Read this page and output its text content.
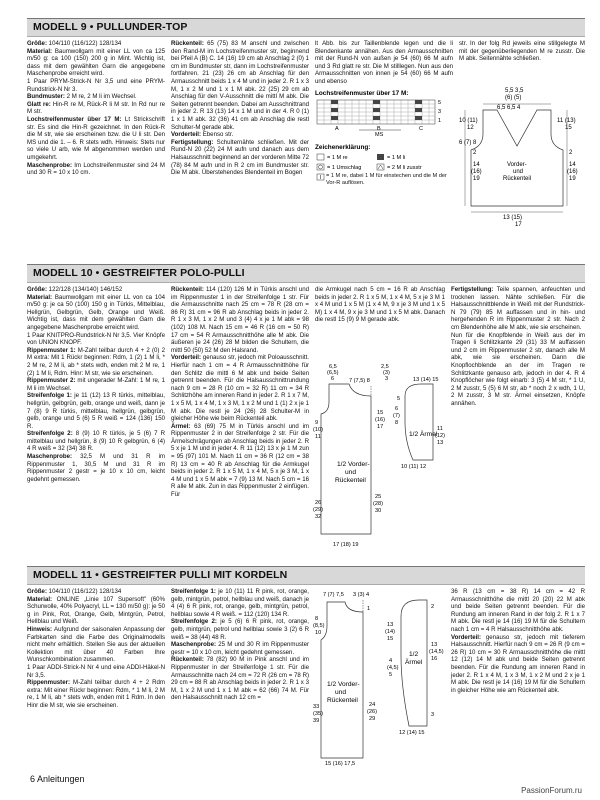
MODELL 9 • PULLUNDER-TOP

Größe: 104/110 (116/122) 128/134

Material: Baumwollgarn mit einer LL von ca 125 m/50 g: ca 100 (150) 200 g in Mint. Wichtig ist, dass mit dem gewählten Garn die angegebene Maschenprobe erreicht wird.

1 Paar PRYM-Strick-N Nr 3,5 und eine PRYM-Rundstrick-N Nr 3.

Bundmuster: 2 M re, 2 M li im Wechsel.

Glatt re: Hin-R re M, Rück-R li M str. In Rd nur re M str.

Lochstreifenmuster über 17 M: Lt Strickschrift str. Es sind die Hin-R gezeichnet. In den Rück-R die M str, wie sie erscheinen bzw. die U li str. Den MS und die 1. – 6. R stets wdh. Hinweis: Stets nur so viele U arb, wie M abgenommen werden und umgekehrt.

Maschenprobe: Im Lochstreifenmuster sind 24 M und 30 R = 10 x 10 cm.

Rückenteil: 65 (75) 83 M anschl und zwischen den Rand-M im Lochstreifenmuster str, beginnend bei Pfeil A (B) C. 14 (16) 19 cm ab Anschlag 2 (0) 1 cm im Bundmuster str, dann im Lochstreifenmuster fortfahren. 21 (23) 26 cm ab Anschlag für den Armausschnitt beids 1 x 4 M und in jeder 2. R 1 x 3 M, 1 x 2 M und 1 x 1 M abk. 22 (25) 29 cm ab Anschlag für den V-Ausschnitt die mittl M abk. Die Seiten getrennt beenden. Dabei am Ausschnittrand in jeder 2. R 13 (13) 14 x 1 M und in der 4. R 0 (1) 1 x 1 M abk. 32 (36) 41 cm ab Anschlag die restl Schulter-M gerade abk.

Vorderteil: Ebenso str.

Fertigstellung: Schulternähte schließen. Mit der Rund-N 20 (22) 24 M aufn und danach aus dem Halsausschnitt beginnend an der vorderen Mitte 72 (78) 84 M aufn und in R 2 cm im Bundmuster str. Die M abk. Überstehendes Blendenteil im Bogen

lt Abb. bis zur Taillenblende legen und die li Blendenkante annähen. Aus den Armausschnitten mit der Rund-N von außen je 54 (60) 66 M aufn und 3 Rd glatt re str. Die M stilllegen. Nun aus den Armausschnitten von innen je 54 (60) 66 M aufn und ebenso

str. In der folg Rd jeweils eine stillgelegte M mit der gegenüberliegenden M re zusstr. Die M abk. Seitennähte schließen.

Lochstreifenmuster über 17 M:
5
3
1
MS
A	B	C
Zeichenerklärung:
= 1 M re	= 1 M li
= 1 Umschlag	= 2 M li zusstr
= 1 M re, dabei 1 M für einstechen und die M der Vor-R auflösen.
5,5 3,5
(6) (5)
6,5 6,5 4
10 (11)
12
11 (13)
15
6 (7) 8
2
14
(16)
19
Vorder-
und
Rückenteil
2
14
(16)
19
13 (15)
17
MODELL 10 • GESTREIFTER POLO-PULLI

Größe: 122/128 (134/140) 146/152

Material: Baumwollgarn mit einer LL von ca 104 m/50 g: je ca 50 (100) 150 g in Türkis, Mittelblau, Hellgrün, Gelbgrün, Gelb, Orange und Weiß. Wichtig ist, dass mit dem gewählten Garn die angegebene Maschenprobe erreicht wird.

1 Paar KNITPRO-Rundstrick-N Nr 3,5. Vier Knöpfe von UNION KNOPF.

Rippenmuster 1: M-Zahl teilbar durch 4 + 2 (0) 2 M extra: Mit 1 Rückr beginnen: Rdm, 1 (2) 1 M li, * 2 M re, 2 M li, ab * stets wdh, enden mit 2 M re, 1 (2) 1 M li, Rdm. Hinr: M str, wie sie erscheinen.

Rippenmuster 2: mit ungerader M-Zahl: 1 M re, 1 M li im Wechsel.

Streifenfolge 1: je 11 (12) 13 R türkis, mittelblau, hellgrün, gelbgrün, gelb, orange und weiß, dann je 7 (8) 9 R türkis, mittelblau, hellgrün, gelbgrün, gelb, orange und 5 (6) 5 R weiß = 124 (136) 150 R.

Streifenfolge 2: 8 (9) 10 R türkis, je 5 (6) 7 R mittelblau und hellgrün, 8 (9) 10 R gelbgrün, 6 (4) 4 R weiß = 32 (34) 38 R.

Maschenprobe: 32,5 M und 31 R im Rippenmuster 1, 30,5 M und 31 R im Rippenmuster 2 gestr = je 10 x 10 cm, leicht gedehnt gemessen.

Rückenteil: 114 (120) 126 M in Türkis anschl und im Rippenmuster 1 in der Streifenfolge 1 str. Für die Armausschnitte nach 25 cm = 78 R (28 cm = 86 R) 31 cm = 96 R ab Anschlag beids in jeder 2. R 1 x 3 M, 1 x 2 M und 3 (4) 4 x je 1 M abk = 98 (102) 108 M. Nach 15 cm = 46 R (16 cm = 50 R) 17 cm = 54 R Armausschnitthöhe alle M abk. Die äußeren je 24 (26) 28 M bilden die Schultern, die mittl 50 (50) 52 M den Halsrand.

Vorderteil: genauso str, jedoch mit Poloausschnitt. Hierfür nach 1 cm = 4 R Armausschnitthöhe für den Schlitz die mittl 6 M abk und beide Seiten getrennt beenden. Für die Halsausschnittrundung nach 9 cm = 28 R (10 cm = 32 R) 11 cm = 34 R Schlitzhöhe am inneren Rand in jeder 2. R 1 x 7 M, 1 x 5 M, 1 x 4 M, 1 x 3 M, 1 x 2 M und 1 (1) 2 x je 1 M abk. Die restl je 24 (26) 28 Schulter-M in gleicher Höhe wie beim Rückenteil abk.

Ärmel: 63 (69) 75 M in Türkis anschl und im Rippenmuster 2 in der Streifenfolge 2 str. Für die Ärmelschrägungen ab Anschlag beids in jeder 2. R 5 x je 1 M und in jeder 4. R 11 (12) 13 x je 1 M zun = 95 (97) 101 M. Nach 11 cm = 36 R (12 cm = 38 R) 13 cm = 40 R ab Anschlag für die Armkugel beids in jeder 2. R 1 x 5 M, 1 x 4 M, 5 x je 3 M, 1 x 4 M und 1 x 5 M abk = 7 (9) 13 M. Nach 5 cm = 16 R alle M abk. Zun in das Rippenmuster 2 einfügen. Für

die Armkugel nach 5 cm = 16 R ab Anschlag beids in jeder 2. R 1 x 5 M, 1 x 4 M, 5 x je 3 M 1 x 4 M und 1 x 5 M (1 x 4 M, 9 x je 3 M und 1 x 5 M) 1 x 4 M, 9 x je 3 M und 1 x 5 M abk. Danach die restl 15 (9) 9 M gerade abk.

Fertigstellung: Teile spannen, anfeuchten und trocknen lassen. Nähte schließen. Für die Halsausschnittblende in Weiß mit der Rundstrick-N 79 (79) 85 M auffassen und in hin- und hergehenden R im Rippenmuster 2 str. Nach 2 cm Blendenhöhe alle M abk, wie sie erscheinen.

Nun für die Knopfblende in Weiß aus der im Tragen li Schlitzkante 29 (31) 33 M auffassen und 2 cm im Rippenmuster 2 str, danach alle M abk, wie sie erscheinen. Dann die Knopflochblende an der im Tragen re Schlitzkante genauso arb, jedoch in der 4. R 4 Knopflöcher wie folgt einarb: 3 (5) 4 M str, * 1 U, 2 M zusstr, 5 (5) 6 M str, ab * noch 2 x wdh, 1 U, 2 M zusstr, 3 M str. Ärmel einsetzen, Knöpfe annähen.

6,5
(6,5)
6	7 (7,5) 8
2,5
(3)
3
15
(16)
17
9
(10)
11
1/2 Vorder-
und
Rückenteil
26
(29)
32
25
(28)
30
17 (18) 19
13 (14) 15
5
6
(7)
8
1/2 Ärmel
11
(12)
13
10 (11) 12
MODELL 11 • GESTREIFTER PULLI MIT KORDELN

Größe: 104/110 (116/122) 128/134

Material: ONLINE „Linie 107 Supersoft" (60% Schurwolle, 40% Polyacryl, LL = 130 m/50 g): je 50 g in Pink, Rot, Orange, Gelb, Mintgrün, Petrol, Hellblau und Weiß.

Hinweis: Aufgrund der saisonalen Anpassung der Farbkarten sind die Farbe des Originalmodells nicht mehr erhältlich. Stellen Sie aus der aktuellen Kollektion mit über 40 Farben Ihre Wunschkombination zusammen.

1 Paar ADDI-Strick-N Nr 4 und eine ADDI-Häkel-N Nr 3,5.

Rippenmuster: M-Zahl teilbar durch 4 + 2 Rdm extra: Mit einer Rückr beginnen: Rdm, * 1 M li, 2 M re, 1 M li, ab * stets wdh, enden mit 1 Rdm. In den Hinr die M str, wie sie erscheinen.

Streifenfolge 1: je 10 (11) 11 R pink, rot, orange, gelb, mintgrün, petrol, hellblau und weiß, danach je 4 (4) 6 R pink, rot, orange, gelb, mintgrün, petrol, hellblau sowie 4 R weiß. = 112 (120) 134 R.

Streifenfolge 2: je 5 (6) 6 R pink, rot, orange, gelb, mintgrün, petrol und hellblau sowie 3 (2) 6 R weiß = 38 (44) 48 R.

Maschenprobe: 25 M und 30 R im Rippenmuster gestr = 10 x 10 cm, leicht gedehnt gemessen.

Rückenteil: 78 (82) 90 M in Pink anschl und im Rippenmuster in der Streifenfolge 1 str. Für die Armausschnitte nach 24 cm = 72 R (26 cm = 78 R) 29 cm = 88 R ab Anschlag beids in jeder 2. R 1 x 3 M, 1 x 2 M und 1 x 1 M abk = 62 (66) 74 M. Für den Halsausschnitt nach 12 cm =

36 R (13 cm = 38 R) 14 cm = 42 R Armausschnitthöhe die mittl 20 (20) 22 M abk und beide Seiten getrennt beenden. Für die Rundung am inneren Rand in der folg 2. R 1 x 7 M abk. Die restl je 14 (16) 19 M für die Schultern nach 1 cm = 4 R Halsausschnitthöhe abk.

Vorderteil: genauso str, jedoch mit tieferem Halsausschnitt. Hierfür nach 9 cm = 26 R (9 cm = 26 R) 10 cm = 30 R Armausschnitthöhe die mittl 12 (12) 14 M abk und beide Seiten getrennt beenden. Für die Rundung am inneren Rand in jeder 2. R 1 x 4 M, 1 x 3 M, 1 x 2 M und 2 x je 1 M abk. Die restl je 14 (16) 19 M für die Schultern in gleicher Höhe wie am Rückenteil abk.

7 (7) 7,5 3 (3) 4
1
8
(8,5)
10
1/2 Vorder-
und
Rückenteil
33
(35)
39
24
(26)
29
15 (16) 17,5
13
(14)
15
2
4
(4,5)
5
1/2
Ärmel
13
(14,5)
16
12 (14) 15
3
6 Anleitungen
PassionForum.ru
